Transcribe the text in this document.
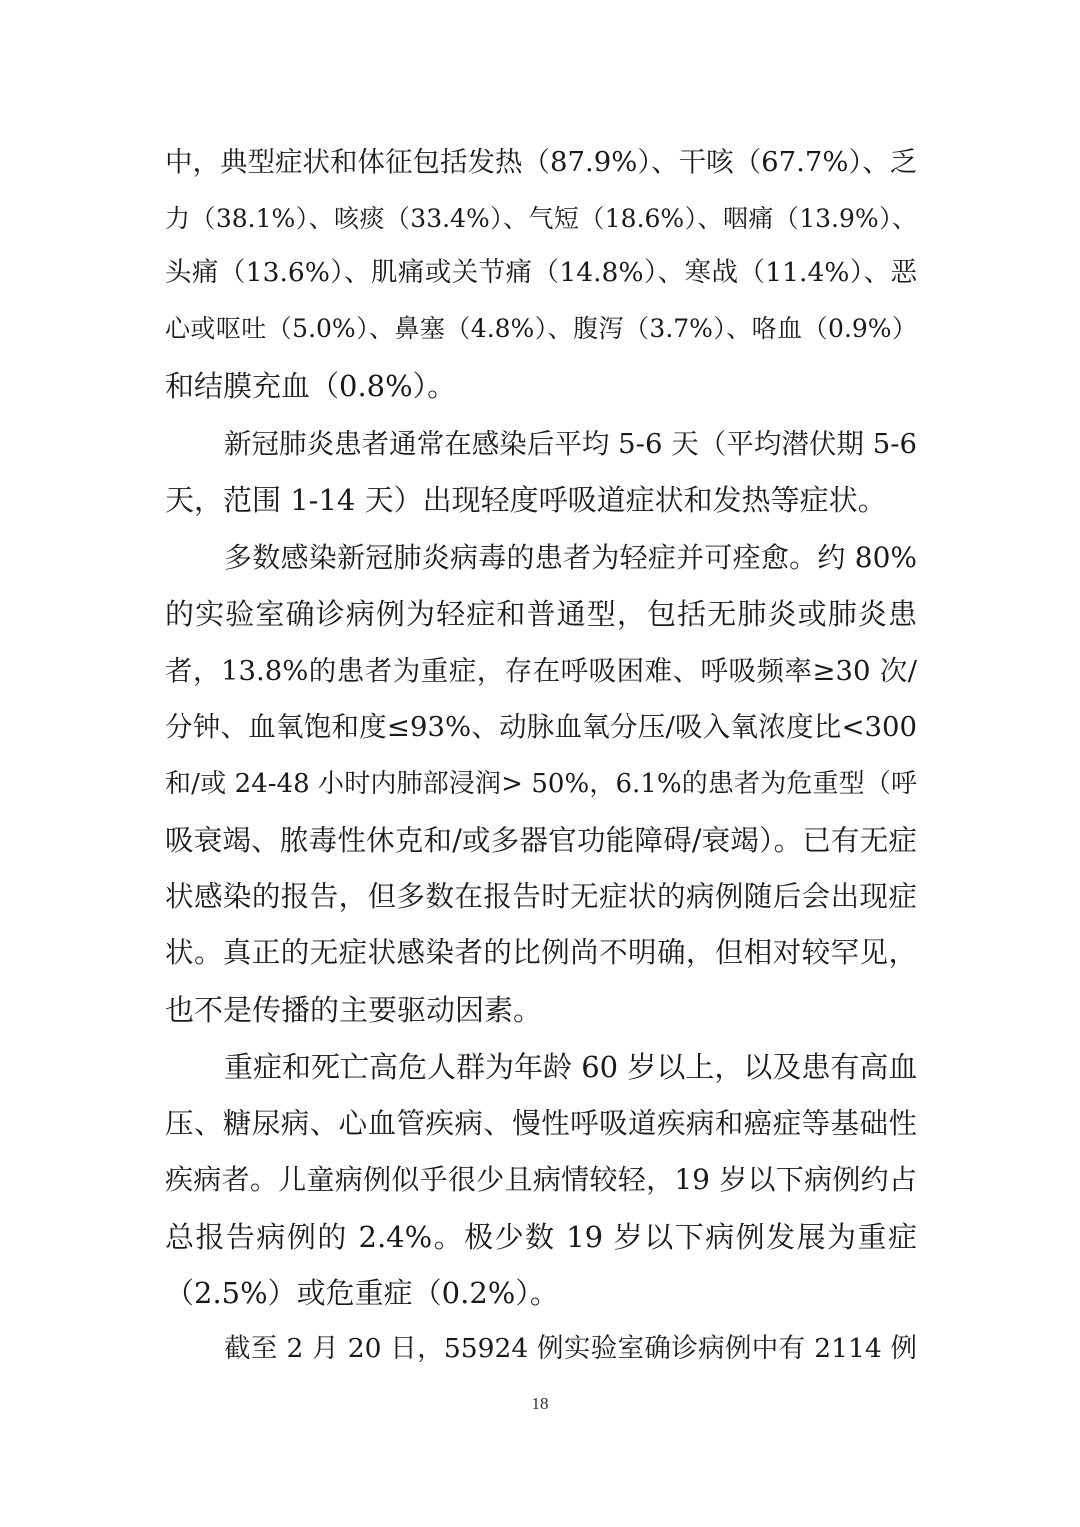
中，典型症状和体征包括发热（87.9%）、干咳（67.7%）、乏
力（38.1%）、咳痰（33.4%）、气短（18.6%）、咽痛（13.9%）、
头痛（13.6%）、肌痛或关节痛（14.8%）、寒战（11.4%）、恶
心或呕吐（5.0%）、鼻塞（4.8%）、腹泻（3.7%）、咯血（0.9%）
和结膜充血（0.8%）。
新冠肺炎患者通常在感染后平均 5-6 天（平均潜伏期 5-6
天，范围 1-14 天）出现轻度呼吸道症状和发热等症状。
多数感染新冠肺炎病毒的患者为轻症并可痊愈。约 80%
的实验室确诊病例为轻症和普通型，包括无肺炎或肺炎患
者，13.8%的患者为重症，存在呼吸困难、呼吸频率≥30 次/
分钟、血氧饱和度≤93%、动脉血氧分压/吸入氧浓度比<300
和/或 24-48 小时内肺部浸润> 50%，6.1%的患者为危重型（呼
吸衰竭、脓毒性休克和/或多器官功能障碍/衰竭）。已有无症
状感染的报告，但多数在报告时无症状的病例随后会出现症
状。真正的无症状感染者的比例尚不明确，但相对较罕见，
也不是传播的主要驱动因素。
重症和死亡高危人群为年龄 60 岁以上，以及患有高血
压、糖尿病、心血管疾病、慢性呼吸道疾病和癌症等基础性
疾病者。儿童病例似乎很少且病情较轻，19 岁以下病例约占
总报告病例的 2.4%。极少数 19 岁以下病例发展为重症
（2.5%）或危重症（0.2%）。
截至 2 月 20 日，55924 例实验室确诊病例中有 2114 例
18
